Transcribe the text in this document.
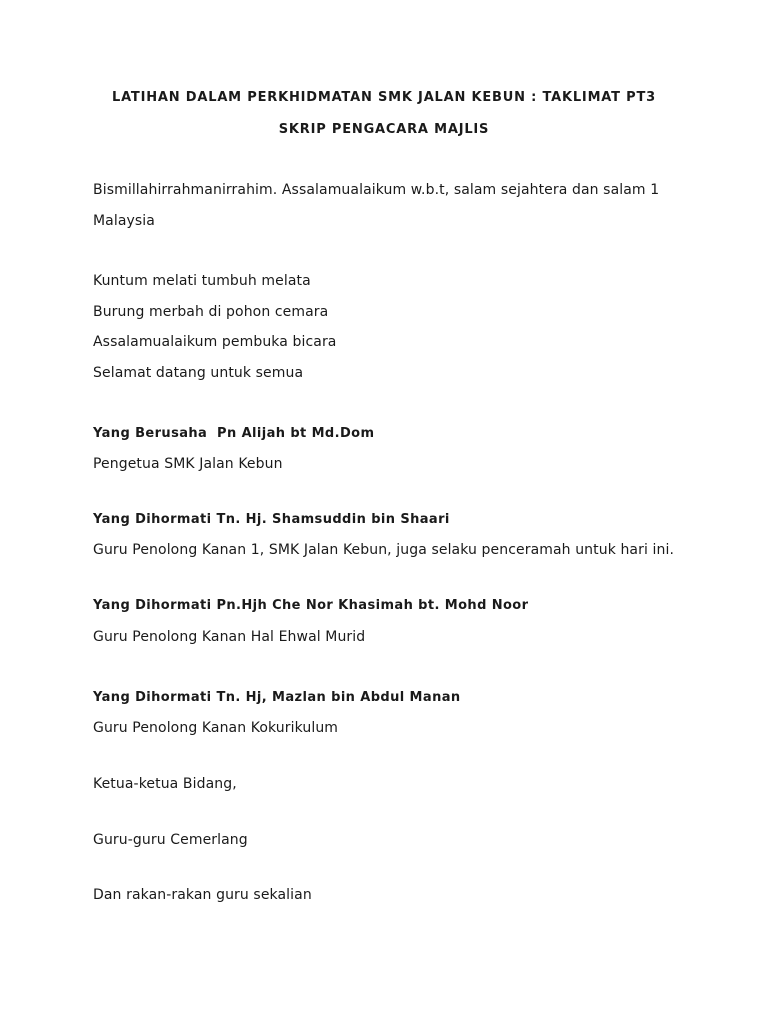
LATIHAN DALAM PERKHIDMATAN SMK JALAN KEBUN : TAKLIMAT PT3
SKRIP PENGACARA MAJLIS
Bismillahirrahmanirrahim. Assalamualaikum w.b.t, salam sejahtera dan salam 1
Malaysia
Kuntum melati tumbuh melata
Burung merbah di pohon cemara
Assalamualaikum pembuka bicara
Selamat datang untuk semua
Yang Berusaha  Pn Alijah bt Md.Dom
Pengetua SMK Jalan Kebun
Yang Dihormati Tn. Hj. Shamsuddin bin Shaari
Guru Penolong Kanan 1, SMK Jalan Kebun, juga selaku penceramah untuk hari ini.
Yang Dihormati Pn.Hjh Che Nor Khasimah bt. Mohd Noor
Guru Penolong Kanan Hal Ehwal Murid
Yang Dihormati Tn. Hj, Mazlan bin Abdul Manan
Guru Penolong Kanan Kokurikulum
Ketua-ketua Bidang,
Guru-guru Cemerlang
Dan rakan-rakan guru sekalian
